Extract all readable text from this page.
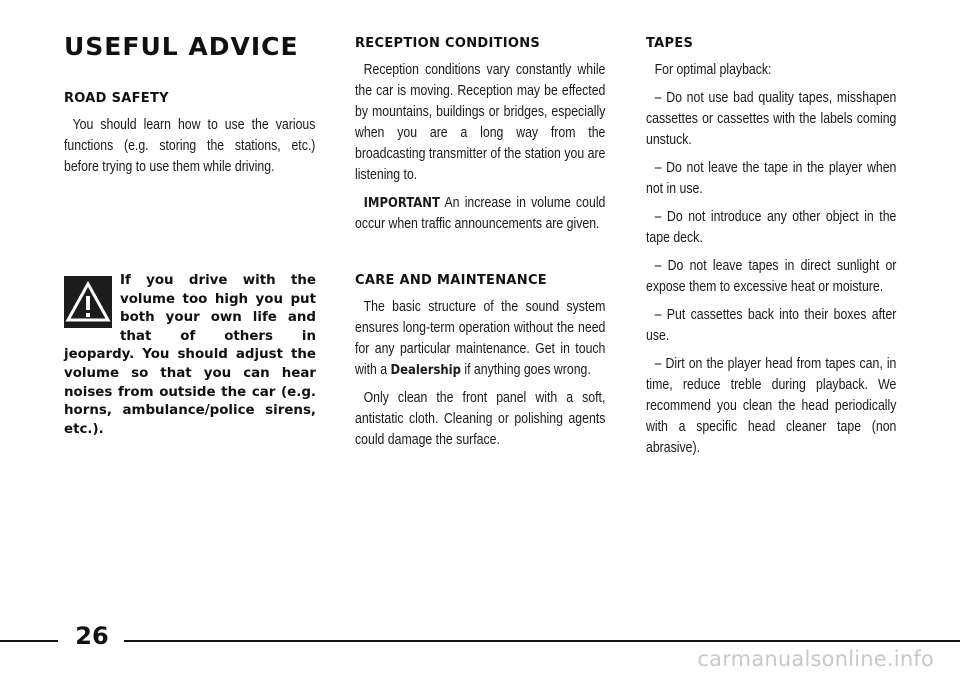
USEFUL ADVICE
ROAD SAFETY

You should learn how to use the various functions (e.g. storing the stations, etc.) before trying to use them while driving.

If you drive with the volume too high you put both your own life and that of others in jeopardy. You should adjust the volume so that you can hear noises from outside the car (e.g. horns, ambulance/police sirens, etc.).

RECEPTION CONDITIONS

Reception conditions vary constantly while the car is moving. Reception may be effected by mountains, buildings or bridges, especially when you are a long way from the broadcasting transmitter of the station you are listening to.

IMPORTANT An increase in volume could occur when traffic announcements are given.

CARE AND MAINTENANCE

The basic structure of the sound system ensures long-term operation without the need for any particular maintenance. Get in touch with a Dealership if anything goes wrong.

Only clean the front panel with a soft, antistatic cloth. Cleaning or polishing agents could damage the surface.

TAPES

For optimal playback:

– Do not use bad quality tapes, misshapen cassettes or cassettes with the labels coming unstuck.

– Do not leave the tape in the player when not in use.

– Do not introduce any other object in the tape deck.

– Do not leave tapes in direct sunlight or expose them to excessive heat or moisture.

– Put cassettes back into their boxes after use.

– Dirt on the player head from tapes can, in time, reduce treble during playback. We recommend you clean the head periodically with a specific head cleaner tape (non abrasive).

26

carmanualsonline.info
